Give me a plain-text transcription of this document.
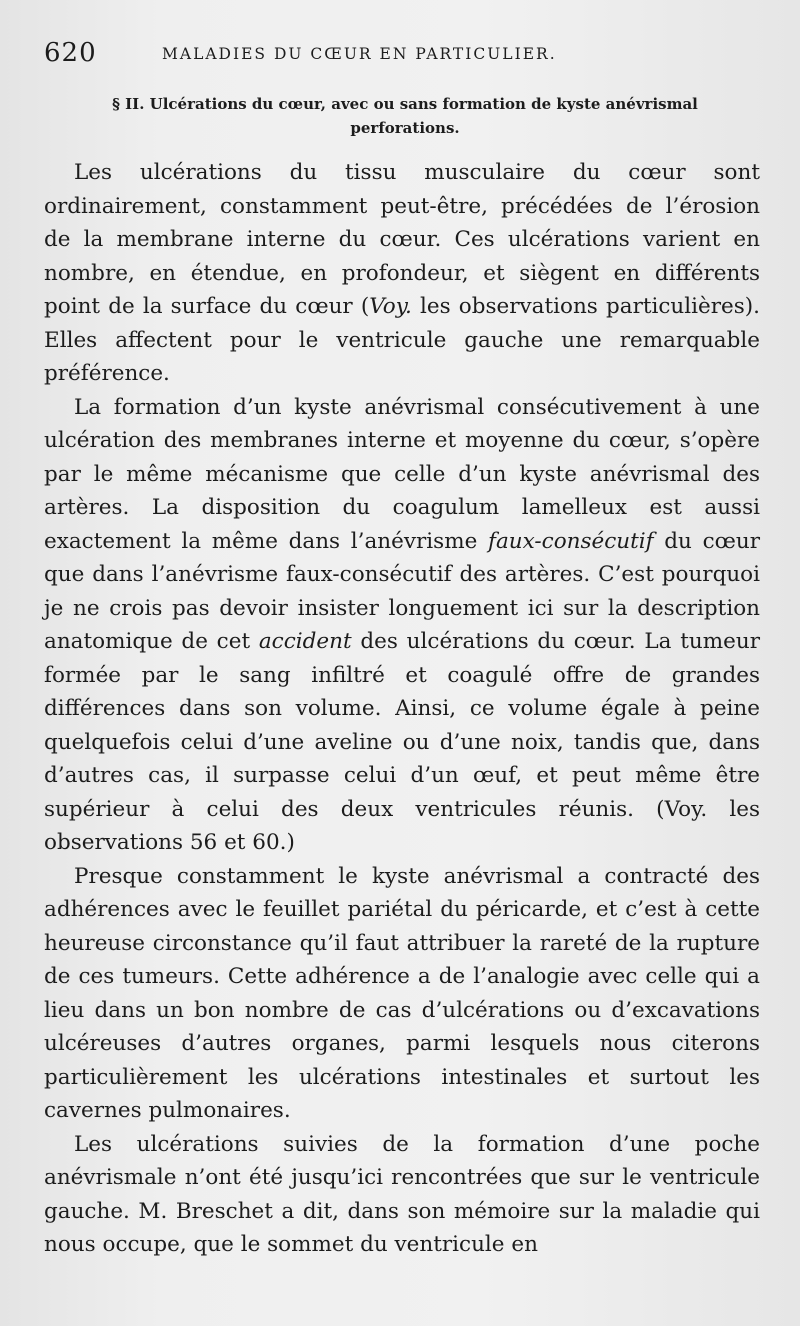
620	MALADIES DU CŒUR EN PARTICULIER.
§ II. Ulcérations du cœur, avec ou sans formation de kyste anévrismal
perforations.

Les ulcérations du tissu musculaire du cœur sont ordinairement, constamment peut-être, précédées de l’érosion de la membrane interne du cœur. Ces ulcérations varient en nombre, en étendue, en profondeur, et siègent en différents point de la surface du cœur (Voy. les observations particulières). Elles affectent pour le ventricule gauche une remarquable préférence.

La formation d’un kyste anévrismal consécutivement à une ulcération des membranes interne et moyenne du cœur, s’opère par le même mécanisme que celle d’un kyste anévrismal des artères. La disposition du coagulum lamelleux est aussi exactement la même dans l’anévrisme faux-consécutif du cœur que dans l’anévrisme faux-consécutif des artères. C’est pourquoi je ne crois pas devoir insister longuement ici sur la description anatomique de cet accident des ulcérations du cœur. La tumeur formée par le sang infiltré et coagulé offre de grandes différences dans son volume. Ainsi, ce volume égale à peine quelquefois celui d’une aveline ou d’une noix, tandis que, dans d’autres cas, il surpasse celui d’un œuf, et peut même être supérieur à celui des deux ventricules réunis. (Voy. les observations 56 et 60.)

Presque constamment le kyste anévrismal a contracté des adhérences avec le feuillet pariétal du péricarde, et c’est à cette heureuse circonstance qu’il faut attribuer la rareté de la rupture de ces tumeurs. Cette adhérence a de l’analogie avec celle qui a lieu dans un bon nombre de cas d’ulcérations ou d’excavations ulcéreuses d’autres organes, parmi lesquels nous citerons particulièrement les ulcérations intestinales et surtout les cavernes pulmonaires.

Les ulcérations suivies de la formation d’une poche anévrismale n’ont été jusqu’ici rencontrées que sur le ventricule gauche. M. Breschet a dit, dans son mémoire sur la maladie qui nous occupe, que le sommet du ventricule en
